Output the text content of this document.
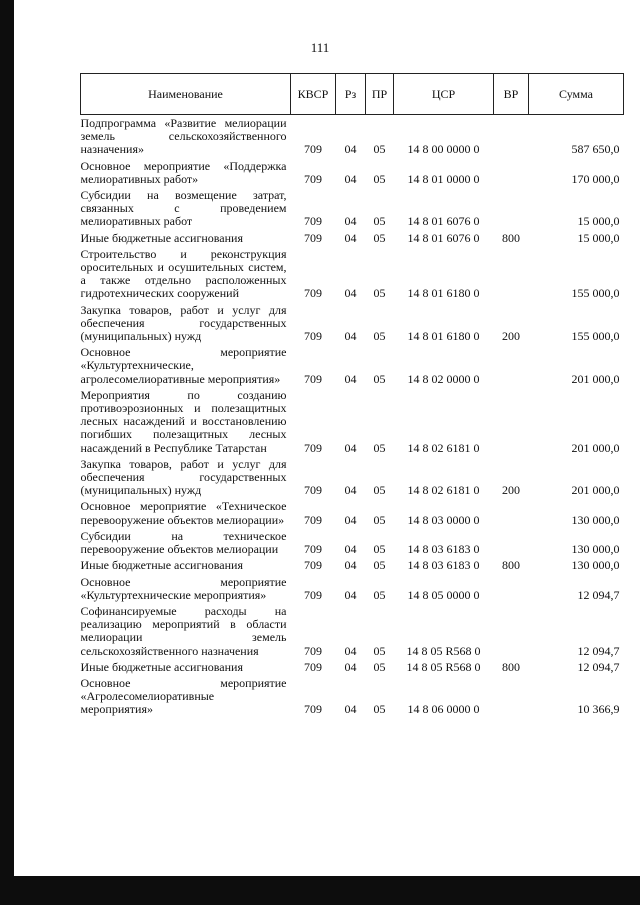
111
Наименование	КВСР	Рз	ПР	ЦСР	ВР	Сумма
Подпрограмма «Развитие мелиорации земель сельскохозяйственного назначения»	709	04	05	14 8 00 0000 0		587 650,0
Основное мероприятие «Поддержка мелиоративных работ»	709	04	05	14 8 01 0000 0		170 000,0
Субсидии на возмещение затрат, связанных с проведением мелиоративных работ	709	04	05	14 8 01 6076 0		15 000,0
Иные бюджетные ассигнования	709	04	05	14 8 01 6076 0	800	15 000,0
Строительство и реконструкция оросительных и осушительных систем, а также отдельно расположенных гидротехнических сооружений	709	04	05	14 8 01 6180 0		155 000,0
Закупка товаров, работ и услуг для обеспечения государственных (муниципальных) нужд	709	04	05	14 8 01 6180 0	200	155 000,0
Основное мероприятие «Культуртехнические, агролесомелиоративные мероприятия»	709	04	05	14 8 02 0000 0		201 000,0
Мероприятия по созданию противоэрозионных и полезащитных лесных насаждений и восстановлению погибших полезащитных лесных насаждений в Республике Татарстан	709	04	05	14 8 02 6181 0		201 000,0
Закупка товаров, работ и услуг для обеспечения государственных (муниципальных) нужд	709	04	05	14 8 02 6181 0	200	201 000,0
Основное мероприятие «Техническое перевооружение объектов мелиорации»	709	04	05	14 8 03 0000 0		130 000,0
Субсидии на техническое перевооружение объектов мелиорации	709	04	05	14 8 03 6183 0		130 000,0
Иные бюджетные ассигнования	709	04	05	14 8 03 6183 0	800	130 000,0
Основное мероприятие «Культуртехнические мероприятия»	709	04	05	14 8 05 0000 0		12 094,7
Софинансируемые расходы на реализацию мероприятий в области мелиорации земель сельскохозяйственного назначения	709	04	05	14 8 05 R568 0		12 094,7
Иные бюджетные ассигнования	709	04	05	14 8 05 R568 0	800	12 094,7
Основное мероприятие «Агролесомелиоративные мероприятия»	709	04	05	14 8 06 0000 0		10 366,9
